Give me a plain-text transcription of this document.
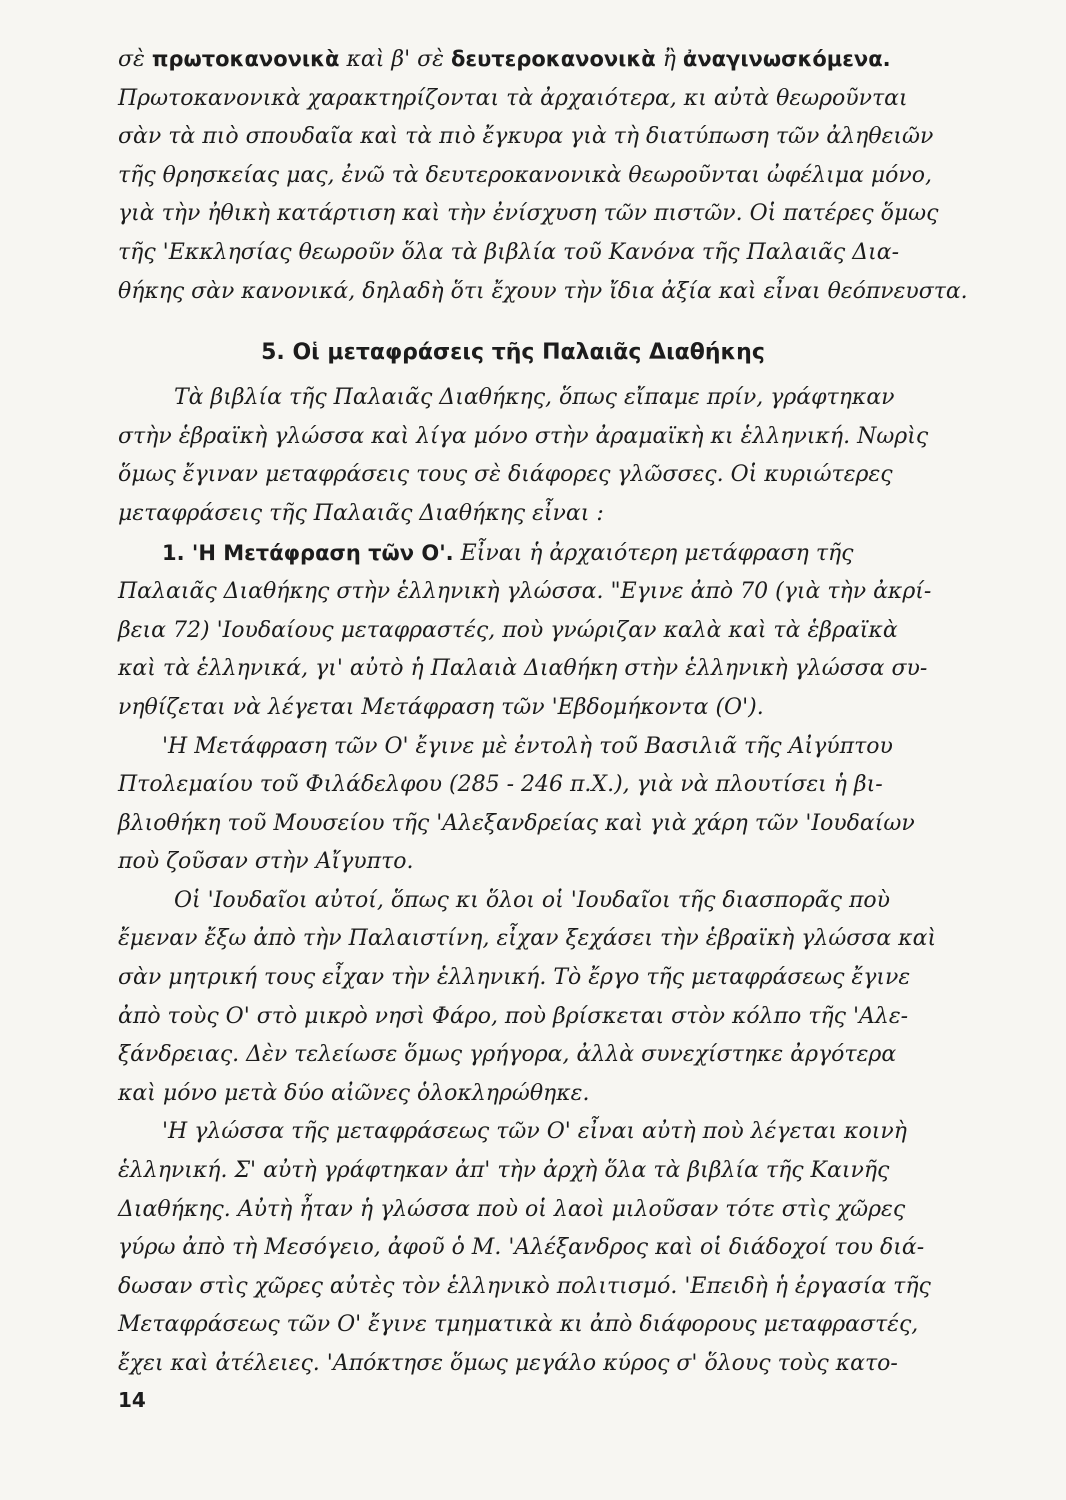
σὲ πρωτοκανονικὰ καὶ β' σὲ δευτεροκανονικὰ ἢ ἀναγινωσκόμενα.
Πρωτοκανονικὰ χαρακτηρίζονται τὰ ἀρχαιότερα, κι αὐτὰ θεωροῦνται
σὰν τὰ πιὸ σπουδαῖα καὶ τὰ πιὸ ἔγκυρα γιὰ τὴ διατύπωση τῶν ἀληθειῶν
τῆς θρησκείας μας, ἐνῶ τὰ δευτεροκανονικὰ θεωροῦνται ὠφέλιμα μόνο,
γιὰ τὴν ἠθικὴ κατάρτιση καὶ τὴν ἐνίσχυση τῶν πιστῶν. Οἱ πατέρες ὅμως
τῆς 'Εκκλησίας θεωροῦν ὅλα τὰ βιβλία τοῦ Κανόνα τῆς Παλαιᾶς Δια-
θήκης σὰν κανονικά, δηλαδὴ ὅτι ἔχουν τὴν ἴδια ἀξία καὶ εἶναι θεόπνευστα.
5. Οἱ μεταφράσεις τῆς Παλαιᾶς Διαθήκης
Τὰ βιβλία τῆς Παλαιᾶς Διαθήκης, ὅπως εἴπαμε πρίν, γράφτηκαν
στὴν ἑβραϊκὴ γλώσσα καὶ λίγα μόνο στὴν ἀραμαϊκὴ κι ἑλληνική. Νωρὶς
ὅμως ἔγιναν μεταφράσεις τους σὲ διάφορες γλῶσσες. Οἱ κυριώτερες
μεταφράσεις τῆς Παλαιᾶς Διαθήκης εἶναι :
1. 'Η Μετάφραση τῶν Ο'. Εἶναι ἡ ἀρχαιότερη μετάφραση τῆς
Παλαιᾶς Διαθήκης στὴν ἑλληνικὴ γλώσσα. "Εγινε ἀπὸ 70 (γιὰ τὴν ἀκρί-
βεια 72) 'Ιουδαίους μεταφραστές, ποὺ γνώριζαν καλὰ καὶ τὰ ἑβραϊκὰ
καὶ τὰ ἑλληνικά, γι' αὐτὸ ἡ Παλαιὰ Διαθήκη στὴν ἑλληνικὴ γλώσσα συ-
νηθίζεται νὰ λέγεται Μετάφραση τῶν 'Εβδομήκοντα (Ο').
'Η Μετάφραση τῶν Ο' ἔγινε μὲ ἐντολὴ τοῦ Βασιλιᾶ τῆς Αἰγύπτου
Πτολεμαίου τοῦ Φιλάδελφου (285 - 246 π.Χ.), γιὰ νὰ πλουτίσει ἡ βι-
βλιοθήκη τοῦ Μουσείου τῆς 'Αλεξανδρείας καὶ γιὰ χάρη τῶν 'Ιουδαίων
ποὺ ζοῦσαν στὴν Αἴγυπτο.
Οἱ 'Ιουδαῖοι αὐτοί, ὅπως κι ὅλοι οἱ 'Ιουδαῖοι τῆς διασπορᾶς ποὺ
ἔμεναν ἔξω ἀπὸ τὴν Παλαιστίνη, εἶχαν ξεχάσει τὴν ἑβραϊκὴ γλώσσα καὶ
σὰν μητρική τους εἶχαν τὴν ἑλληνική. Τὸ ἔργο τῆς μεταφράσεως ἔγινε
ἀπὸ τοὺς Ο' στὸ μικρὸ νησὶ Φάρο, ποὺ βρίσκεται στὸν κόλπο τῆς 'Αλε-
ξάνδρειας. Δὲν τελείωσε ὅμως γρήγορα, ἀλλὰ συνεχίστηκε ἀργότερα
καὶ μόνο μετὰ δύο αἰῶνες ὁλοκληρώθηκε.
'Η γλώσσα τῆς μεταφράσεως τῶν Ο' εἶναι αὐτὴ ποὺ λέγεται κοινὴ
ἑλληνική. Σ' αὐτὴ γράφτηκαν ἀπ' τὴν ἀρχὴ ὅλα τὰ βιβλία τῆς Καινῆς
Διαθήκης. Αὐτὴ ἦταν ἡ γλώσσα ποὺ οἱ λαοὶ μιλοῦσαν τότε στὶς χῶρες
γύρω ἀπὸ τὴ Μεσόγειο, ἀφοῦ ὁ Μ. 'Αλέξανδρος καὶ οἱ διάδοχοί του διά-
δωσαν στὶς χῶρες αὐτὲς τὸν ἑλληνικὸ πολιτισμό. 'Επειδὴ ἡ ἐργασία τῆς
Μεταφράσεως τῶν Ο' ἔγινε τμηματικὰ κι ἀπὸ διάφορους μεταφραστές,
ἔχει καὶ ἀτέλειες. 'Απόκτησε ὅμως μεγάλο κύρος σ' ὅλους τοὺς κατο-
14
